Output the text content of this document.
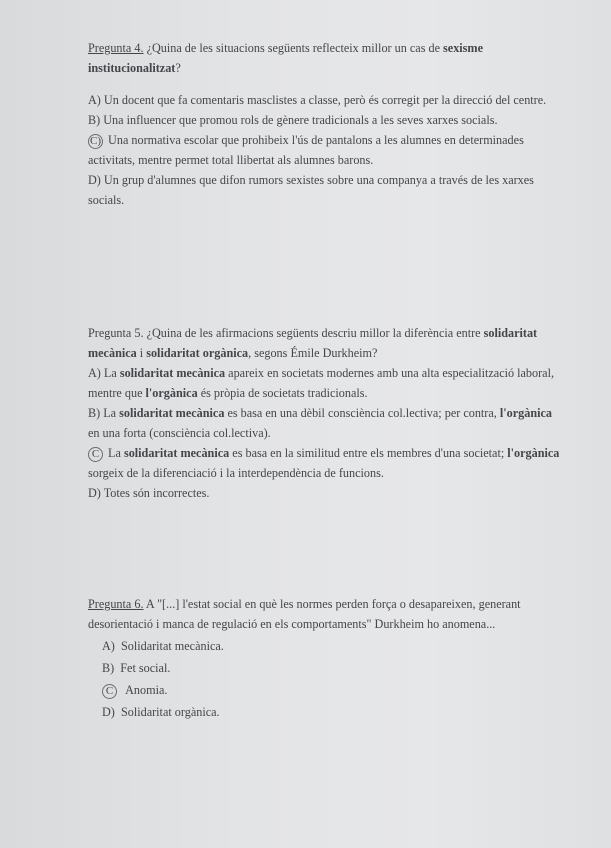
Pregunta 4. ¿Quina de les situacions següents reflecteix millor un cas de sexisme institucionalitzat?

A) Un docent que fa comentaris masclistes a classe, però és corregit per la direcció del centre.

B) Una influencer que promou rols de gènere tradicionals a les seves xarxes socials.

C) Una normativa escolar que prohibeix l'ús de pantalons a les alumnes en determinades activitats, mentre permet total llibertat als alumnes barons.

D) Un grup d'alumnes que difon rumors sexistes sobre una companya a través de les xarxes socials.

Pregunta 5. ¿Quina de les afirmacions següents descriu millor la diferència entre solidaritat mecànica i solidaritat orgànica, segons Émile Durkheim?

A) La solidaritat mecànica apareix en societats modernes amb una alta especialització laboral, mentre que l'orgànica és pròpia de societats tradicionals.

B) La solidaritat mecànica es basa en una dèbil consciència col.lectiva; per contra, l'orgànica en una forta (consciència col.lectiva).

C La solidaritat mecànica es basa en la similitud entre els membres d'una societat; l'orgànica sorgeix de la diferenciació i la interdependència de funcions.

D) Totes són incorrectes.

Pregunta 6. A "[...] l'estat social en què les normes perden força o desapareixen, generant desorientació i manca de regulació en els comportaments" Durkheim ho anomena...

A) Solidaritat mecànica.

B) Fet social.

C Anomia.

D) Solidaritat orgànica.
